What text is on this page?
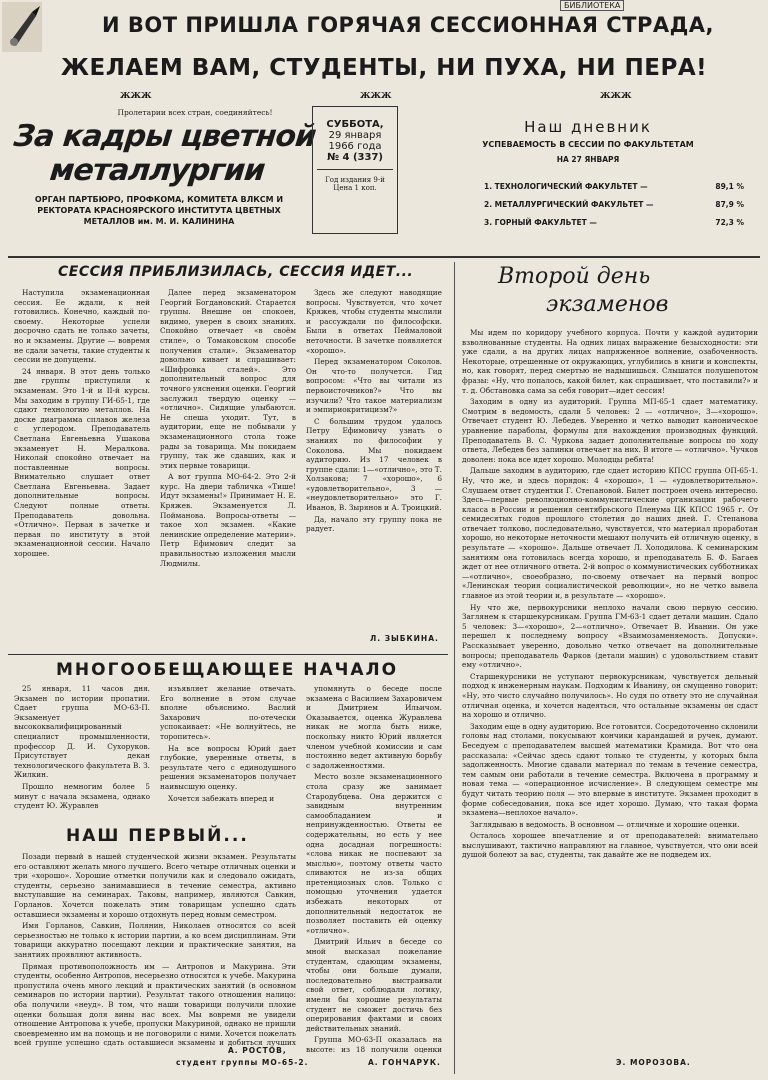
БИБЛИОТЕКА
И ВОТ ПРИШЛА ГОРЯЧАЯ СЕССИОННАЯ СТРАДА,
ЖЕЛАЕМ ВАМ, СТУДЕНТЫ, НИ ПУХА, НИ ПЕРА!
ЖЖЖ	ЖЖЖ	ЖЖЖ
Пролетарии всех стран, соединяйтесь!
За кадры цветной
металлургии
ОРГАН ПАРТБЮРО, ПРОФКОМА, КОМИТЕТА ВЛКСМ И РЕКТОРАТА КРАСНОЯРСКОГО ИНСТИТУТА ЦВЕТНЫХ МЕТАЛЛОВ им. М. И. КАЛИНИНА
СУББОТА,
29 января
1966 года
№ 4 (337)
Год издания 9-й
Цена 1 коп.
Наш дневник
УСПЕВАЕМОСТЬ В СЕССИИ ПО ФАКУЛЬТЕТАМ
НА 27 ЯНВАРЯ
1. ТЕХНОЛОГИЧЕСКИЙ ФАКУЛЬТЕТ —	89,1 %
2. МЕТАЛЛУРГИЧЕСКИЙ ФАКУЛЬТЕТ —	87,9 %
3. ГОРНЫЙ ФАКУЛЬТЕТ —	72,3 %
СЕССИЯ ПРИБЛИЗИЛАСЬ, СЕССИЯ ИДЕТ...

Наступила экзаменационная сессия. Ее ждали, к ней готовились. Конечно, каждый по-своему. Некоторые успели досрочно сдать не только зачеты, но и экзамены. Другие — вовремя не сдали зачеты, такие студенты к сессии не допущены.

24 января. В этот день только две группы приступили к экзаменам. Это 1-й и II-й курсы. Мы заходим в группу ГИ-65-1, где сдают технологию металлов. На доске диаграмма сплавов железа с углеродом. Преподаватель Светлана Евгеньевна Ушакова экзаменует Н. Мералкова. Николай спокойно отвечает на поставленные вопросы. Внимательно слушает ответ Светлана Евгеньевна. Задает дополнительные вопросы. Следуют полные ответы. Преподаватель довольна. «Отлично». Первая в зачетке и первая по институту в этой экзаменационной сессии. Начало хорошее.

Далее перед экзаменатором Георгий Богдановский. Старается группы. Внешне он спокоен, видимо, уверен в своих знаниях. Спокойно отвечает «в своём стиле», о Томаковском способе получения стали». Экзаменатор довольно кивает и спрашивает: «Шифровка сталей». Это дополнительный вопрос для точного уяснения оценки. Георгий заслужил твердую оценку — «отлично». Сидящие улыбаются. Не спеша уходит. Тут, в аудитории, еще не побывали у экзаменационного стола тоже рады за товарища. Мы покидаем группу, так же сдавших, как и этих первые товарищи.

А вот группа МО-64-2. Это 2-й курс. На двери табличка «Тише! Идут экзамены!» Принимает Н. Е. Кряжев. Экзаменуется Л. Пойманова. Вопросы-ответы — такое хол экзамен. «Какие ленинские определение материи». Петр Ефимович следит за правильностью изложения мысли Людмилы.

Здесь же следуют наводящие вопросы. Чувствуется, что хочет Кряжев, чтобы студенты мыслили и рассуждали по философски. Были в ответах Пеймаловой неточности. В зачетке появляется «хорошо».

Перед экзаменатором Соколов. Он что-то получется. Гид вопросом: «Что вы читали из первоисточников?» Что вы изучили? Что такое материализм и эмпириокритицизм?»

С большим трудом удалось Петру Ефимовичу узнать о знаниях по философии у Соколова. Мы покидаем аудиторию. Из 17 человек в группе сдали: 1—«отлично», это Т. Холзакова; 7 «хорошо», 6 «удовлетворительно», 3 — «неудовлетворительно» это Г. Иванов, В. Зырянов и А. Троицкий.

Да, начало эту группу пока не радует.

Л. ЗЫБКИНА.
МНОГООБЕЩАЮЩЕЕ НАЧАЛО

25 января, 11 часов дня. Экзамен по истории пропатии. Сдает группа МО-63-П. Экзаменует высококвалифицированный специалист промышленности, профессор Д. И. Сухоруков. Присутствует декан технологического факультета В. З. Жилкин.

Прошло немногим более 5 минут с начала экзамена, однако студент Ю. Журавлев

изъявляет желание отвечать. Его волнение в этом случае вполне объяснимо. Васлий Захарович по-отечески успокаивает: «Не волнуйтесь, не торопитесь».

На все вопросы Юрий дает глубокие, уверенные ответы, в результате чего с единодушного решения экзаменаторов получает наивысшую оценку.

Хочется забежать вперед и

упомянуть о беседе после экзамена с Василием Захаровичем и Дмитрием Ильичом. Оказывается, оценка Журавлева никак не могла быть ниже, поскольку никто Юрий является членом учебной комиссии и сам постоянно ведет активную борьбу с задолженностями.

Место возле экзаменационного стола сразу же занимает Стародубцева. Она держится с завидным внутренним самообладанием и непринужденностью. Ответы ее содержательны, но есть у нее одна досадная погрешность: «слова никак не поспевают за мыслью», поэтому ответы часто сливаются не из-за общих претенциозных слов. Только с помощью уточнения удается избежать некоторых от дополнительный недостаток не позволяет поставить ей оценку «отлично».

Дмитрий Ильич в беседе со мной высказал пожелание студентам, сдающим экзамены, чтобы они больше думали, последовательно выстраивали свой ответ, соблюдали логику, имели бы хорошие результаты студент не сможет достичь без оперирования фактами и своих действительных знаний.

Группа МО-63-П оказалась на высоте: из 18 получили оценки

А. ГОНЧАРУК.
НАШ ПЕРВЫЙ...

Позади первый в нашей студенческой жизни экзамен. Результаты его оставляют желать много лучшего. Всего четыре отличных оценки и три «хорошо». Хорошие отметки получили как и следовало ожидать, студенты, серьезно занимавшиеся в течение семестра, активно выступавшие на семинарах. Таковы, например, являются Савкин, Горланов. Хочется пожелать этим товарищам успешно сдать оставшиеся экзамены и хорошо отдохнуть перед новым семестром.

Имя Горланов, Савкин, Полянин, Николаев относятся со всей серьезностью не только к истории партии, а ко всем дисциплинам. Эти товарищи аккуратно посещают лекции и практические занятия, на занятиях проявляют активность.

Прямая противоположность им — Антропов и Макурина. Эти студенты, особенно Антропов, несерьезно относятся к учебе. Макурина пропустила очень много лекций и практических занятий (в основном семинаров по истории партии). Результат такого отношения налицо: оба получили «неуд». В том, что наши товарищи получили плохие оценки большая доля вины нас всех. Мы вовремя не увидели отношение Антропова к учебе, пропуски Макуриной, однако не пришли своевременно им на помощь и не поговорили с ними. Хочется пожелать всей группе успешно сдать оставшиеся экзамены и добиться лучших

А. РОСТОВ,
студент группы МО-65-2.
Второй день
экзаменов

Мы идем по коридору учебного корпуса. Почти у каждой аудитории взволнованные студенты. На одних лицах выражение безысходности: эти уже сдали, а на других лицах напряженное волнение, озабоченность. Некоторые, отрешенные от окружающих, углубились в книги и конспекты, но, как говорят, перед смертью не надышишься. Слышатся полушепотом фразы: «Ну, что попалось, какой билет, как спрашивает, что поставили?» и т. д. Обстановка сама за себя говорит—идет сессия!

Заходим в одну из аудиторий. Группа МП-65-1 сдает математику. Смотрим в ведомость, сдали 5 человек: 2 — «отлично», 3—«хорошо». Отвечает студент Ю. Лебедев. Уверенно и четко выводит каноническое уравнение параболы, формулы для нахождения производных функций. Преподаватель В. С. Чуркова задает дополнительные вопросы по ходу ответа, Лебедев без запинки отвечает на них. В итоге — «отлично». Чучков доволен: пока все идет хорошо. Молодцы ребята!

Дальше заходим в аудиторию, где сдает историю КПСС группа ОП-65-1. Ну, что же, и здесь порядок: 4 «хорошо», 1 — «удовлетворительно». Слушаем ответ студентки Г. Степановой. Билет построен очень интересно. Здесь—первые революционно-коммунистические организации рабочего класса в России и решения сентябрьского Пленума ЦК КПСС 1965 г. От семидесятых годов прошлого столетия до наших дней. Г. Степанова отвечает толково, последовательно, чувствуется, что материал проработан хорошо, но некоторые неточности мешают получить ей отличную оценку, в результате — «хорошо». Дальше отвечает Л. Холодилова. К семинарским занятиям она готовилась всегда хорошо, и преподаватель Б. Ф. Багаев ждет от нее отличного ответа. 2-й вопрос о коммунистических субботниках—«отлично», своеобразно, по-своему отвечает на первый вопрос «Ленинская теория социалистической революции», но не четко вывела главное из этой теории и, в результате — «хорошо».

Ну что же, первокурсники неплохо начали свою первую сессию. Заглянем к старшекурсникам. Группа ГМ-63-1 сдает детали машин. Сдало 5 человек: 3—«хорошо», 2—«отлично». Отвечает В. Иванин. Он уже перешел к последнему вопросу «Взаимозаменяемость. Допуски». Рассказывает уверенно, довольно четко отвечает на дополнительные вопросы; преподаватель Фарков (детали машин) с удовольствием ставит ему «отлично».

Старшекурсники не уступают первокурсникам, чувствуется дельный подход к инженерным наукам. Подходим к Иванину, он смущенно говорит: «Ну, это чисто случайно получилось». Но судя по ответу это не случайная отличная оценка, и хочется надеяться, что остальные экзамены он сдаст на хорошо и отлично.

Заходим еще в одну аудиторию. Все готовятся. Сосредоточенно склонили головы над столами, покусывают кончики карандашей и ручек, думают. Беседуем с преподавателем высшей математики Крамида. Вот что она рассказала: «Сейчас здесь сдают только те студенты, у которых была задолженность. Многие сдавали материал по темам в течение семестра, тем самым они работали в течение семестра. Включена в программу и новая тема — «операционное исчисление». В следующем семестре мы будут читать теорию поля — это впервые в институте. Экзамен проходит в форме собеседования, пока все идет хорошо. Думаю, что такая форма экзамена—неплохое начало».

Заглядываю в ведомость. В основном — отличные и хорошие оценки.

Осталось хорошее впечатление и от преподавателей: внимательно выслушивают, тактично направляют на главное, чувствуется, что они всей душой болеют за вас, студенты, так давайте же не подведем их.

Э. МОРОЗОВА.
